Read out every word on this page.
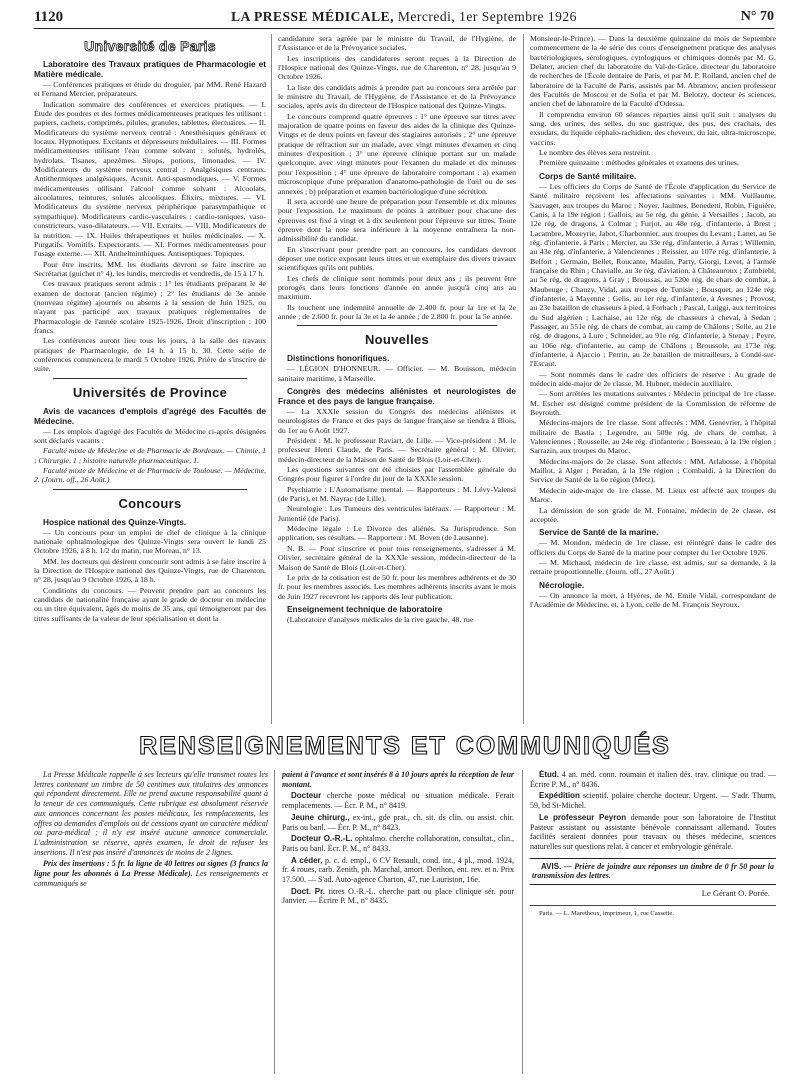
1120	LA PRESSE MÉDICALE, Mercredi, 1er Septembre 1926	N° 70
Université de Paris
Laboratoire des Travaux pratiques de Pharmacologie et Matière médicale.

— Conférences pratiques et étude du droguier, par MM. René Hazard et Fernand Mercier, préparateurs.

Indication sommaire des conférences et exercices pratiques. — I. Étude des poudres et des formes médicamenteuses pratiques les utilisant : papiers, cachets, comprimés, pilules, granules, tablettes, électuaires. — II. Modificateurs du système nerveux central : Anesthésiques généraux et locaux. Hypnotiques. Excitants et dépresseurs médullaires. — III. Formes médicamenteuses utilisant l'eau comme solvant : solutés, hydrolés, hydrolats. Tisanes, apozèmes. Sirops, potions, limonades. — IV. Modificateurs du système nerveux central : Analgésiques centraux. Antithermiques analgésiques. Aconit. Anti-spasmodiques. — V. Formes médicamenteuses utilisant l'alcool comme solvant : Alcoolats, alcoolatures, teintures, solutés alcooliques. Élixirs, mixtures. — VI. Modificateurs du système nerveux périphérique parasympathique et sympathique). Modificateurs cardio-vasculaires : cardio-toniques, vaso-constricteurs, vaso-dilatateurs. — VII. Extraits. — VIII. Modificateurs de la nutrition. — IX. Huiles thérapeutiques et huiles médicinales. — X. Purgatifs. Vomitifs. Expectorants. — XI. Formes médicamenteuses pour l'usage externe. — XII. Anthelminthiques. Antiseptiques. Topiques.

Pour être inscrits, MM. les étudiants devront se faire inscrire au Secrétariat (guichet n° 4), les lundis, mercredis et vendredis, de 15 à 17 h.

Ces travaux pratiques seront admis : 1° les étudiants préparant le 4e examen de doctorat (ancien régime) ; 2° les étudiants de 3e année (nouveau régime) ajournés ou absents à la session de Juin 1925, ou n'ayant pas participé aux travaux pratiques réglementaires de Pharmacologie de l'année scolaire 1925-1926. Droit d'inscription : 100 francs.

Les conférences auront lieu tous les jours, à la salle des travaux pratiques de Pharmacologie, de 14 h. à 15 h. 30. Cette série de conférences commencera le mardi 5 Octobre 1926. Prière de s'inscrire de suite.

Universités de Province
Avis de vacances d'emplois d'agrégé des Facultés de Médecine.

— Les emplois d'agrégé des Facultés de Médecine ci-après désignées sont déclarés vacants :

Faculté mixte de Médecine et de Pharmacie de Bordeaux. — Chimie, 1 ; Chirurgie, 1 ; histoire naturelle pharmaceutique, 1.

Faculté mixte de Médecine et de Pharmacie de Toulouse. — Médecine, 2. (Journ. off., 26 Août.)

Concours
Hospice national des Quinze-Vingts.

— Un concours pour un emploi de chef de clinique à la clinique nationale ophtalmologique des Quinze-Vingts sera ouvert le lundi 25 Octobre 1926, à 8 h. 1/2 du matin, rue Moreau, n° 13.

MM. les docteurs qui désirent concourir sont admis à se faire inscrire à la Direction de l'Hospice national des Quinze-Vingts, rue de Charenton, n° 28, jusqu'au 9 Octobre 1926, à 18 h.

Conditions du concours. — Peuvent prendre part au concours les candidats de nationalité française ayant le grade de docteur en médecine ou un titre équivalent, âgés de moins de 35 ans, qui témoigneront par des titres suffisants de la valeur de leur spécialisation et dont la

candidature sera agréée par le ministre du Travail, de l'Hygiène, de l'Assistance et de la Prévoyance sociales.

Les inscriptions des candidatures seront reçues à la Direction de l'Hospice national des Quinze-Vingts, rue de Charenton, n° 28, jusqu'au 9 Octobre 1926.

La liste des candidats admis à prendre part au concours sera arrêtée par le ministre du Travail, de l'Hygiène, de l'Assistance et de la Prévoyance sociales, après avis du directeur de l'Hospice national des Quinze-Vingts.

Le concours comprend quatre épreuves : 1° une épreuve sur titres avec majoration de quatre points en faveur des aides de la clinique des Quinze-Vingts et de deux points en faveur des stagiaires autorisés ; 2° une épreuve pratique de réfraction sur un malade, avec vingt minutes d'examen et cinq minutes d'exposition ; 3° une épreuve clinique portant sur un malade quelconque, avec vingt minutes pour l'examen du malade et dix minutes pour l'exposition ; 4° une épreuve de laboratoire comportant : a) examen microscopique d'une préparation d'anatomo-pathologie de l'œil ou de ses annexes ; b) préparation et examen bactériologique d'une sécrétion.

Il sera accordé une heure de préparation pour l'ensemble et dix minutes pour l'exposition. Le maximum de points à attribuer pour chacune des épreuves est fixé à vingt et à dix seulement pour l'épreuve sur titres. Toute épreuve dont la note sera inférieure à la moyenne entraînera la non-admissibilité du candidat.

En s'inscrivant pour prendre part au concours, les candidats devront déposer une notice exposant leurs titres et un exemplaire des divers travaux scientifiques qu'ils ont publiés.

Les chefs de clinique sont nommés pour deux ans ; ils peuvent être prorogés dans leurs fonctions d'année en année jusqu'à cinq ans au maximum.

Ils touchent une indemnité annuelle de 2.400 fr. pour la 1re et la 2e année ; de 2.600 fr. pour la 3e et la 4e année ; de 2.800 fr. pour la 5e année.

Nouvelles
Distinctions honorifiques.

— LÉGION D'HONNEUR. — Officier. — M. Bouisson, médecin sanitaire maritime, à Marseille.

Congrès des médecins aliénistes et neurologistes de France et des pays de langue française.

— La XXXIe session du Congrès des médecins aliénistes et neurologistes de France et des pays de langue française se tiendra à Blois, du 1er au 6 Août 1927.

Président : M. le professeur Raviart, de Lille. — Vice-président : M. le professeur Henri Claude, de Paris. — Secrétaire général : M. Olivier, médecin-directeur de la Maison de Santé de Blois (Loir-et-Cher).

Les questions suivantes ont été choisies par l'assemblée générale du Congrès pour figurer à l'ordre du jour de la XXXIe session.

Psychiatrie : L'Automatisme mental. — Rapporteurs : M. Lévy-Valensi (de Paris), et M. Nayrac (de Lille).

Neurologie : Les Tumeurs des ventricules latéraux. — Rapporteur : M. Jumentié (de Paris).

Médecine légale : Le Divorce des aliénés. Sa Jurisprudence. Son application, ses résultats. — Rapporteur : M. Boven (de Lausanne).

N. B. — Pour s'inscrire et pour tous renseignements, s'adresser à M. Olivier, secrétaire général de la XXXIe session, médecin-directeur de la Maison de Santé de Blois (Loir-et-Cher).

Le prix de la cotisation est de 50 fr. pour les membres adhérents et de 30 fr. pour les membres associés. Les membres adhérents inscrits avant le mois de Juin 1927 recevront les rapports dès leur publication.

Enseignement technique de laboratoire

(Laboratoire d'analyses médicales de la rive gauche, 48, rue

Monsieur-le-Prince). — Dans la deuxième quinzaine du mois de Septembre commencement de la 4e série des cours d'enseignement pratique des analyses bactériologiques, sérologiques, cytologiques et chimiques donnés par M. G. Delater, ancien chef du laboratoire du Val-de-Grâce, directeur du laboratoire de recherches de l'École dentaire de Paris, et par M. P. Rolland, ancien chef de laboratoire de la Faculté de Paris, assistés par M. Abramov, ancien professeur des Facultés de Moscou et de Sofia et par M. Belotzy, docteur ès sciences, ancien chef de laboratoire de la Faculté d'Odessa.

Il comprendra environ 60 séances réparties ainsi qu'il suit : analyses du sang, des urines, des selles, du suc gastrique, des pus, des crachats, des exsudats, du liquide céphalo-rachidien, des cheveux, du lait, ultra-microscope, vaccins.

Le nombre des élèves sera restreint.

Première quinzaine : méthodes générales et examens des urines.

Corps de Santé militaire.

— Les officiers du Corps de Santé de l'École d'application du Service de Santé militaire reçoivent les affectations suivantes : MM. Vuillaume, Sauvaget, aux troupes du Maroc ; Noyer, Jaulmes, Benedetti, Robin, Figuière, Canis, à la 19e région ; Gallois, au 5e rég. du génie, à Versailles ; Jacob, au 12e rég. de dragons, à Colmar ; Furjot, au 48e rég. d'infanterie, à Brest ; Lacambre, Mozeyrie, Jabot, Charbonnier, aux troupes du Levant ; Lanet, au 5e rég. d'infanterie, à Paris ; Mercier, au 33e rég. d'infanterie, à Arras ; Willemin, au 43e rég. d'infanterie, à Valenciennes ; Reissier, au 107e rég. d'infanterie, à Belfort ; Germain, Bellet, Roucante, Maulin, Party, Giorgi, Levet, à l'armée française du Rhin ; Chavialle, au 3e rég. d'aviation, à Châteauroux ; Zumbiehl, au 5e rég. de dragons, à Gray ; Broussas, au 520e rég. de chars de combat, à Maubeuge ; Chauzy, Vidal, aux troupes de Tunisie ; Bousquet, au 124e rég. d'infanterie, à Mayenne ; Gelis, au 1er rég. d'infanterie, à Avesnes ; Provost, au 23e bataillon de chasseurs à pied, à Forbach ; Pascal, Luiggi, aux territoires du Sud algérien ; Lachaise, au 12e rég. de chasseurs à cheval, à Sedan ; Passager, au 551e rég. de chars de combat, au camp de Châlons ; Selle, au 21e rég. de dragons, à Lure ; Schneider, au 91e rég. d'infanterie, à Stenay ; Peyre, au 106e rég. d'infanterie, au camp de Châlons ; Broussole, au 173e rég. d'infanterie, à Ajaccio ; Perrin, au 2e bataillon de mitrailleurs, à Condé-sur-l'Escaut.

— Sont nommés dans le cadre des officiers de réserve : Au grade de médecin aide-major de 2e classe, M. Hubner, médecin auxiliaire.

— Sont arrêtées les mutations suivantes : Médecin principal de 1re classe. M. Escher est désigné comme président de la Commission de réforme de Beyrouth.

Médecins-majors de 1re classe. Sont affectés : MM. Genevrier, à l'hôpital militaire de Bastia ; Legendre, au 509e rég. de chars de combat, à Valenciennes ; Rousselle, au 24e rég. d'infanterie ; Boesseau, à la 19e région ; Sarrazin, aux troupes du Maroc.

Médecins-majors de 2e classe. Sont affectés : MM. Arlabosse, à l'hôpital Maillot, à Alger ; Peradan, à la 19e région ; Combaldi, à la Direction du Service de Santé de la 6e région (Metz).

Médecin aide-major de 1re classe. M. Lieux est affecté aux troupes du Maroc.

La démission de son grade de M. Fontaine, médecin de 2e classe, est acceptée.

Service de Santé de la marine.

— M. Mondon, médecin de 1re classe, est réintégré dans le cadre des officiers du Corps de Santé de la marine pour compter du 1er Octobre 1926.

— M. Michaud, médecin de 1re classe, est admis, sur sa demande, à la retraite proportionnelle. (Journ. off., 27 Août.)

Nécrologie.

— On annonce la mort, à Hyères, de M. Emile Vidal, correspondant de l'Académie de Médecine, et, à Lyon, celle de M. François Seyroux.

RENSEIGNEMENTS ET COMMUNIQUÉS

La Presse Médicale rappelle à ses lecteurs qu'elle transmet toutes les lettres contenant un timbre de 50 centimes aux titulaires des annonces qui répondent directement. Elle ne prend aucune responsabilité quant à la teneur de ces communiqués. Cette rubrique est absolument réservée aux annonces concernant les postes médicaux, les remplacements, les offres ou demandes d'emplois ou de cessions ayant un caractère médical ou para-médical ; il n'y est inséré aucune annonce commerciale. L'administration se réserve, après examen, le droit de refuser les insertions. Il n'est pas inséré d'annonces de moins de 2 lignes.

Prix des insertions : 5 fr. la ligne de 40 lettres ou signes (3 francs la ligne pour les abonnés à La Presse Médicale). Les renseignements et communiqués se

paient à l'avance et sont insérés 8 à 10 jours après la réception de leur montant.

Docteur cherche poste médical ou situation médicale. Ferait remplacements. — Écr. P. M., n° 8419.
Jeune chirurg., ex-int., gde prat., ch. sit. ds clin. ou assist. chir. Paris ou banl. — Écr. P. M., n° 8423.
Docteur O.-R.-L. ophtalmo. cherche collaboration, consultat., clin., Paris ou banl. Écr. P. M., n° 8433.
A céder, p. c. d. empl., 6 CV Renault, cond. int., 4 pl., mod. 1924, fr. 4 roues, carb. Zenith, ph. Marchal, amort. Derihon, ent. rev. et n. Prix 17.500. — S'ad. Auto-agence Charton, 47, rue Lauriston, 16e.
Doct. Pr. titres O.-R.-L. cherche part ou place clinique sér. pour Janvier. — Écrire P. M., n° 8435.
Étud. 4 an. méd. conn. roumain et italien dés. trav. clinique ou trad. — Écrire P. M., n° 8436.
Expédition scientif. polaire cherche docteur. Urgent. — S'adr. Thurm, 59, bd St-Michel.
Le professeur Peyron demande pour son laboratoire de l'Institut Pasteur assistant ou assistante bénévole connaissant allemand. Toutes facilités seraient données pour travaux ou thèses médecine, sciences naturelles sur questions relat. à cancer et embryologie générale.
AVIS. — Prière de joindre aux réponses un timbre de 0 fr 50 pour la transmission des lettres.
Le Gérant O. Porée.
Paris. — L. Maretheux, imprimeur, 1, rue Cassette.
